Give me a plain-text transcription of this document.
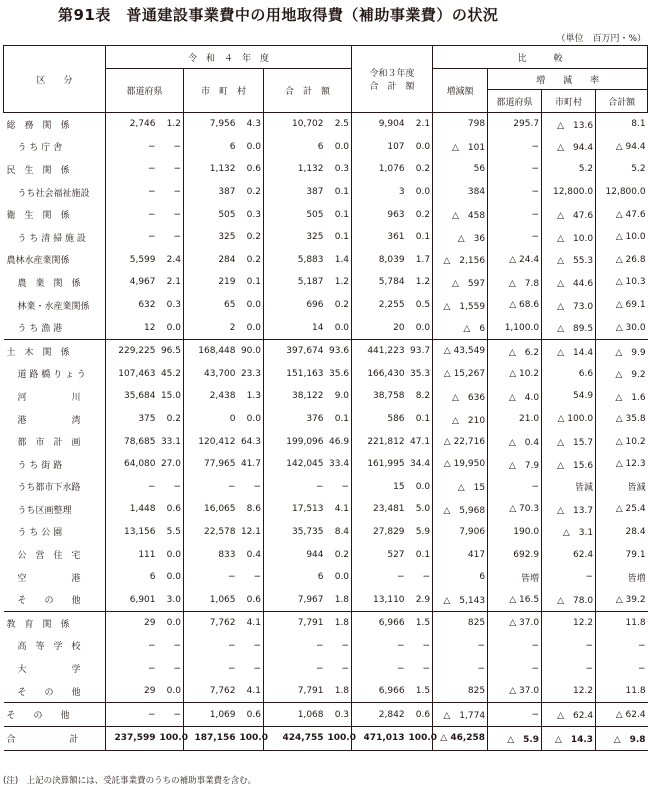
第91表　普通建設事業費中の用地取得費（補助事業費）の状況
（単位　百万円・%）
区　　分	令　和　４　年　度						令和３年度
合　計　額		比　　　較			
	都道府県		市　町　村		合　計　額				増減額	増　　減　　率		
										都道府県	市町村	合計額
総　務　関　係	2,746	1.2	7,956	4.3	10,702	2.5	9,904	2.1	798	295.7	△　13.6	8.1
う ち 庁 舎	−	−	6	0.0	6	0.0	107	0.0	△　101	−	△　94.4	△ 94.4
民　生　関　係	−	−	1,132	0.6	1,132	0.3	1,076	0.2	56	−	5.2	5.2
うち社会福祉施設	−	−	387	0.2	387	0.1	3	0.0	384	−	12,800.0	12,800.0
衛　生　関　係	−	−	505	0.3	505	0.1	963	0.2	△　458	−	△　47.6	△ 47.6
う ち 清 掃 施 設	−	−	325	0.2	325	0.1	361	0.1	△　36	−	△　10.0	△ 10.0
農林水産業関係	5,599	2.4	284	0.2	5,883	1.4	8,039	1.7	△　2,156	△ 24.4	△　55.3	△ 26.8
農　業　関　係	4,967	2.1	219	0.1	5,187	1.2	5,784	1.2	△　597	△　7.8	△　44.6	△ 10.3
林業・水産業関係	632	0.3	65	0.0	696	0.2	2,255	0.5	△　1,559	△ 68.6	△　73.0	△ 69.1
う ち 漁 港	12	0.0	2	0.0	14	0.0	20	0.0	△　6	1,100.0	△　89.5	△ 30.0
土　木　関　係	229,225	96.5	168,448	90.0	397,674	93.6	441,223	93.7	△ 43,549	△　6.2	△　14.4	△　9.9
道 路 橋 り ょ う	107,463	45.2	43,700	23.3	151,163	35.6	166,430	35.3	△ 15,267	△ 10.2	6.6	△　9.2
河　　　　　川	35,684	15.0	2,438	1.3	38,122	9.0	38,758	8.2	△　636	△　4.0	54.9	△　1.6
港　　　　　湾	375	0.2	0	0.0	376	0.1	586	0.1	△　210	21.0	△ 100.0	△ 35.8
都　市　計　画	78,685	33.1	120,412	64.3	199,096	46.9	221,812	47.1	△ 22,716	△　0.4	△　15.7	△ 10.2
う ち 街 路	64,080	27.0	77,965	41.7	142,045	33.4	161,995	34.4	△ 19,950	△　7.9	△　15.6	△ 12.3
うち都市下水路	−	−	−	−	−	−	15	0.0	△　15	−	皆減	皆減
うち区画整理	1,448	0.6	16,065	8.6	17,513	4.1	23,481	5.0	△　5,968	△ 70.3	△　13.7	△ 25.4
う ち 公 園	13,156	5.5	22,578	12.1	35,735	8.4	27,829	5.9	7,906	190.0	△　3.1	28.4
公　営　住　宅	111	0.0	833	0.4	944	0.2	527	0.1	417	692.9	62.4	79.1
空　　　　　港	6	0.0	−	−	6	0.0	−	−	6	皆増	−	皆増
そ　　の　　他	6,901	3.0	1,065	0.6	7,967	1.8	13,110	2.9	△　5,143	△ 16.5	△　78.0	△ 39.2
教　育　関　係	29	0.0	7,762	4.1	7,791	1.8	6,966	1.5	825	△ 37.0	12.2	11.8
高　等　学　校	−	−	−	−	−	−	−	−	−	−	−	−
大　　　　　学	−	−	−	−	−	−	−	−	−	−	−	−
そ　　の　　他	29	0.0	7,762	4.1	7,791	1.8	6,966	1.5	825	△ 37.0	12.2	11.8
そ　　の　　他	−	−	1,069	0.6	1,068	0.3	2,842	0.6	△　1,774	−	△　62.4	△ 62.4
合　　　　　　計	237,599	100.0	187,156	100.0	424,755	100.0	471,013	100.0	△ 46,258	△　5.9	△　14.3	△　9.8
(注)　上記の決算額には、受託事業費のうちの補助事業費を含む。
